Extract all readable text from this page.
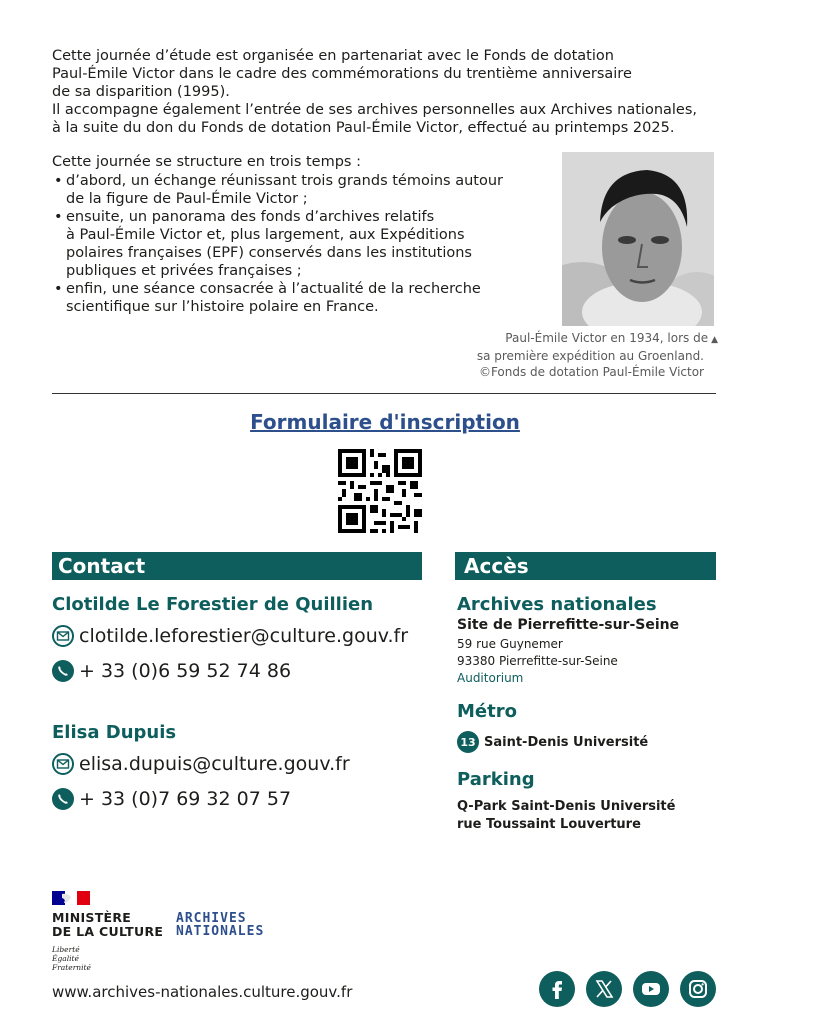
Cette journée d’étude est organisée en partenariat avec le Fonds de dotation

Paul-Émile Victor dans le cadre des commémorations du trentième anniversaire

de sa disparition (1995).

Il accompagne également l’entrée de ses archives personnelles aux Archives nationales,

à la suite du don du Fonds de dotation Paul-Émile Victor, effectué au printemps 2025.

Cette journée se structure en trois temps :

• d’abord, un échange réunissant trois grands témoins autour
de la figure de Paul-Émile Victor ;
• ensuite, un panorama des fonds d’archives relatifs
à Paul-Émile Victor et, plus largement, aux Expéditions
polaires françaises (EPF) conservés dans les institutions
publiques et privées françaises ;
• enfin, une séance consacrée à l’actualité de la recherche
scientifique sur l’histoire polaire en France.
Paul-Émile Victor en 1934, lors de ▲
sa première expédition au Groenland.
©Fonds de dotation Paul-Émile Victor
Formulaire d'inscription
Contact	Accès
Clotilde Le Forestier de Quillien
clotilde.leforestier@culture.gouv.fr
+ 33 (0)6 59 52 74 86
Elisa Dupuis
elisa.dupuis@culture.gouv.fr
+ 33 (0)7 69 32 07 57
Archives nationales
Site de Pierrefitte-sur-Seine
59 rue Guynemer
93380 Pierrefitte-sur-Seine
Auditorium
Métro
13 Saint-Denis Université
Parking
Q-Park Saint-Denis Université
rue Toussaint Louverture
MINISTÈRE
DE LA CULTURE
Liberté
Égalité
Fraternité
ARCHIVES
NATIONALES
www.archives-nationales.culture.gouv.fr
